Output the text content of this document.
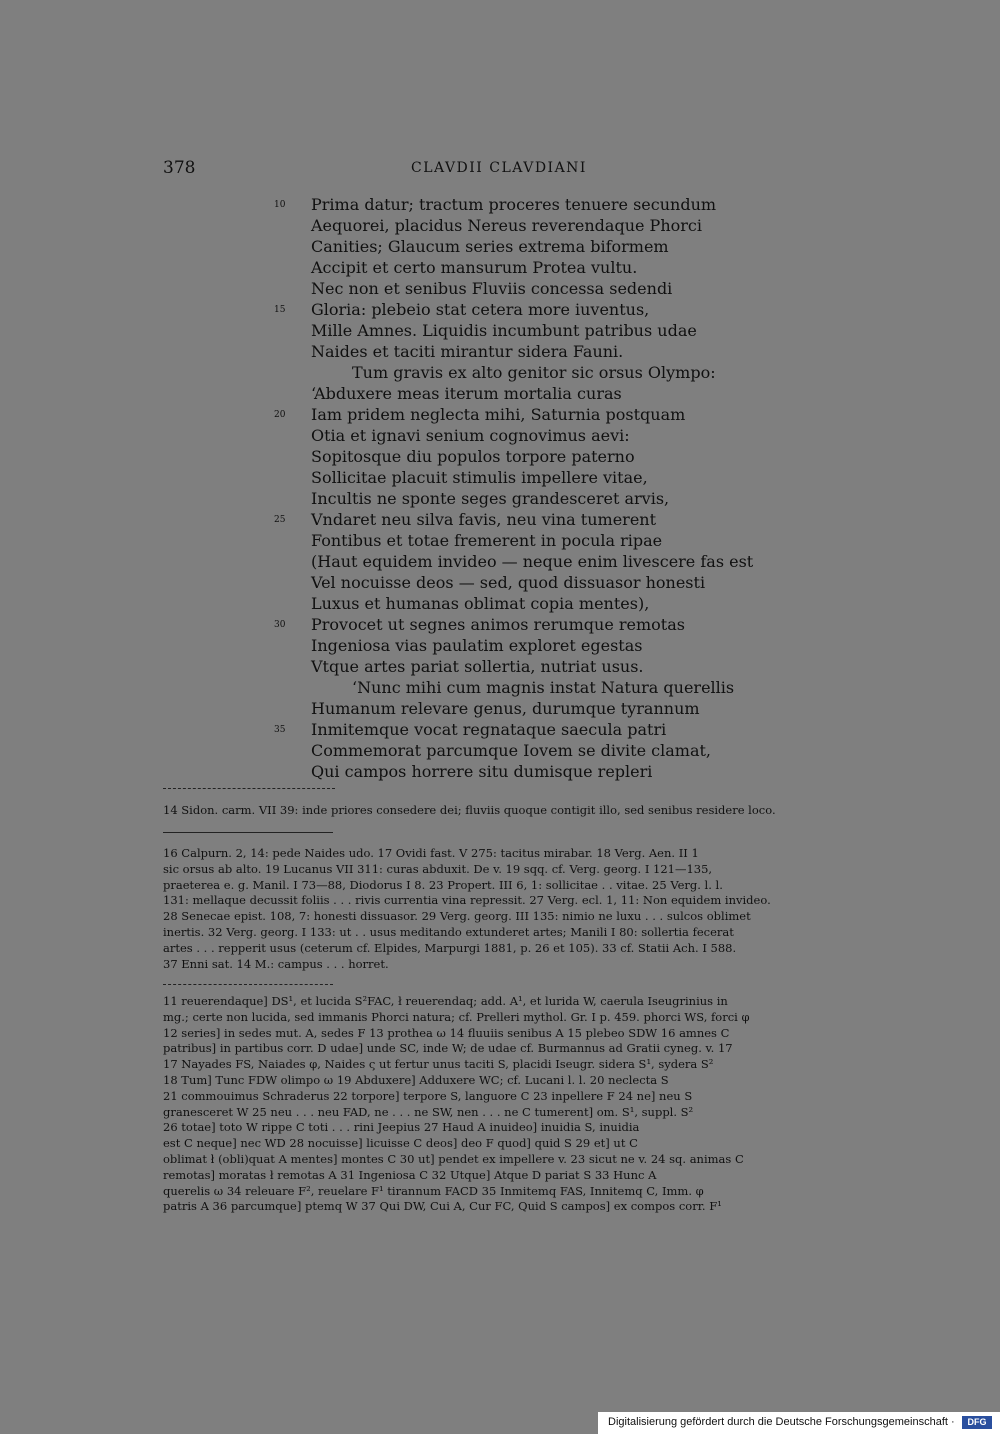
378	CLAVDII CLAVDIANI
10	Prima datur; tractum proceres tenuere secundum
Aequorei, placidus Nereus reverendaque Phorci
Canities; Glaucum series extrema biformem
Accipit et certo mansurum Protea vultu.
Nec non et senibus Fluviis concessa sedendi
15	Gloria: plebeio stat cetera more iuventus,
Mille Amnes. Liquidis incumbunt patribus udae
Naides et taciti mirantur sidera Fauni.
Tum gravis ex alto genitor sic orsus Olympo:
‘Abduxere meas iterum mortalia curas
20	Iam pridem neglecta mihi, Saturnia postquam
Otia et ignavi senium cognovimus aevi:
Sopitosque diu populos torpore paterno
Sollicitae placuit stimulis impellere vitae,
Incultis ne sponte seges grandesceret arvis,
25	Vndaret neu silva favis, neu vina tumerent
Fontibus et totae fremerent in pocula ripae
(Haut equidem invideo — neque enim livescere fas est
Vel nocuisse deos — sed, quod dissuasor honesti
Luxus et humanas oblimat copia mentes),
30	Provocet ut segnes animos rerumque remotas
Ingeniosa vias paulatim exploret egestas
Vtque artes pariat sollertia, nutriat usus.
‘Nunc mihi cum magnis instat Natura querellis
Humanum relevare genus, durumque tyrannum
35	Inmitemque vocat regnataque saecula patri
Commemorat parcumque Iovem se divite clamat,
Qui campos horrere situ dumisque repleri
14 Sidon. carm. VII 39: inde priores consedere dei; fluviis quoque contigit illo, sed senibus residere loco.
16 Calpurn. 2, 14: pede Naides udo. 17 Ovidi fast. V 275: tacitus mirabar. 18 Verg. Aen. II 1
sic orsus ab alto. 19 Lucanus VII 311: curas abduxit. De v. 19 sqq. cf. Verg. georg. I 121—135,
praeterea e. g. Manil. I 73—88, Diodorus I 8. 23 Propert. III 6, 1: sollicitae . . vitae. 25 Verg. l. l.
131: mellaque decussit foliis . . . rivis currentia vina repressit. 27 Verg. ecl. 1, 11: Non equidem invideo.
28 Senecae epist. 108, 7: honesti dissuasor. 29 Verg. georg. III 135: nimio ne luxu . . . sulcos oblimet
inertis. 32 Verg. georg. I 133: ut . . usus meditando extunderet artes; Manili I 80: sollertia fecerat
artes . . . repperit usus (ceterum cf. Elpides, Marpurgi 1881, p. 26 et 105). 33 cf. Statii Ach. I 588.
37 Enni sat. 14 M.: campus . . . horret.
11 reuerendaque] DS¹, et lucida S²FAC, ł reuerendaq; add. A¹, et lurida W, caerula Iseugrinius in
mg.; certe non lucida, sed immanis Phorci natura; cf. Prelleri mythol. Gr. I p. 459. phorci WS, forci φ
12 series] in sedes mut. A, sedes F 13 prothea ω 14 fluuiis senibus A 15 plebeo SDW 16 amnes C
patribus] in partibus corr. D udae] unde SC, inde W; de udae cf. Burmannus ad Gratii cyneg. v. 17
17 Nayades FS, Naiades φ, Naides ς ut fertur unus taciti S, placidi Iseugr. sidera S¹, sydera S²
18 Tum] Tunc FDW olimpo ω 19 Abduxere] Adduxere WC; cf. Lucani l. l. 20 neclecta S
21 commouimus Schraderus 22 torpore] terpore S, languore C 23 inpellere F 24 ne] neu S
granesceret W 25 neu . . . neu FAD, ne . . . ne SW, nen . . . ne C tumerent] om. S¹, suppl. S²
26 totae] toto W rippe C toti . . . rini Jeepius 27 Haud A inuideo] inuidia S, inuidia
est C neque] nec WD 28 nocuisse] licuisse C deos] deo F quod] quid S 29 et] ut C
oblimat ł (obli)quat A mentes] montes C 30 ut] pendet ex impellere v. 23 sicut ne v. 24 sq. animas C
remotas] moratas ł remotas A 31 Ingeniosa C 32 Utque] Atque D pariat S 33 Hunc A
querelis ω 34 releuare F², reuelare F¹ tirannum FACD 35 Inmitemq FAS, Innitemq C, Imm. φ
patris A 36 parcumque] ptemq W 37 Qui DW, Cui A, Cur FC, Quid S campos] ex compos corr. F¹
Digitalisierung gefördert durch die Deutsche Forschungsgemeinschaft ·	DFG
